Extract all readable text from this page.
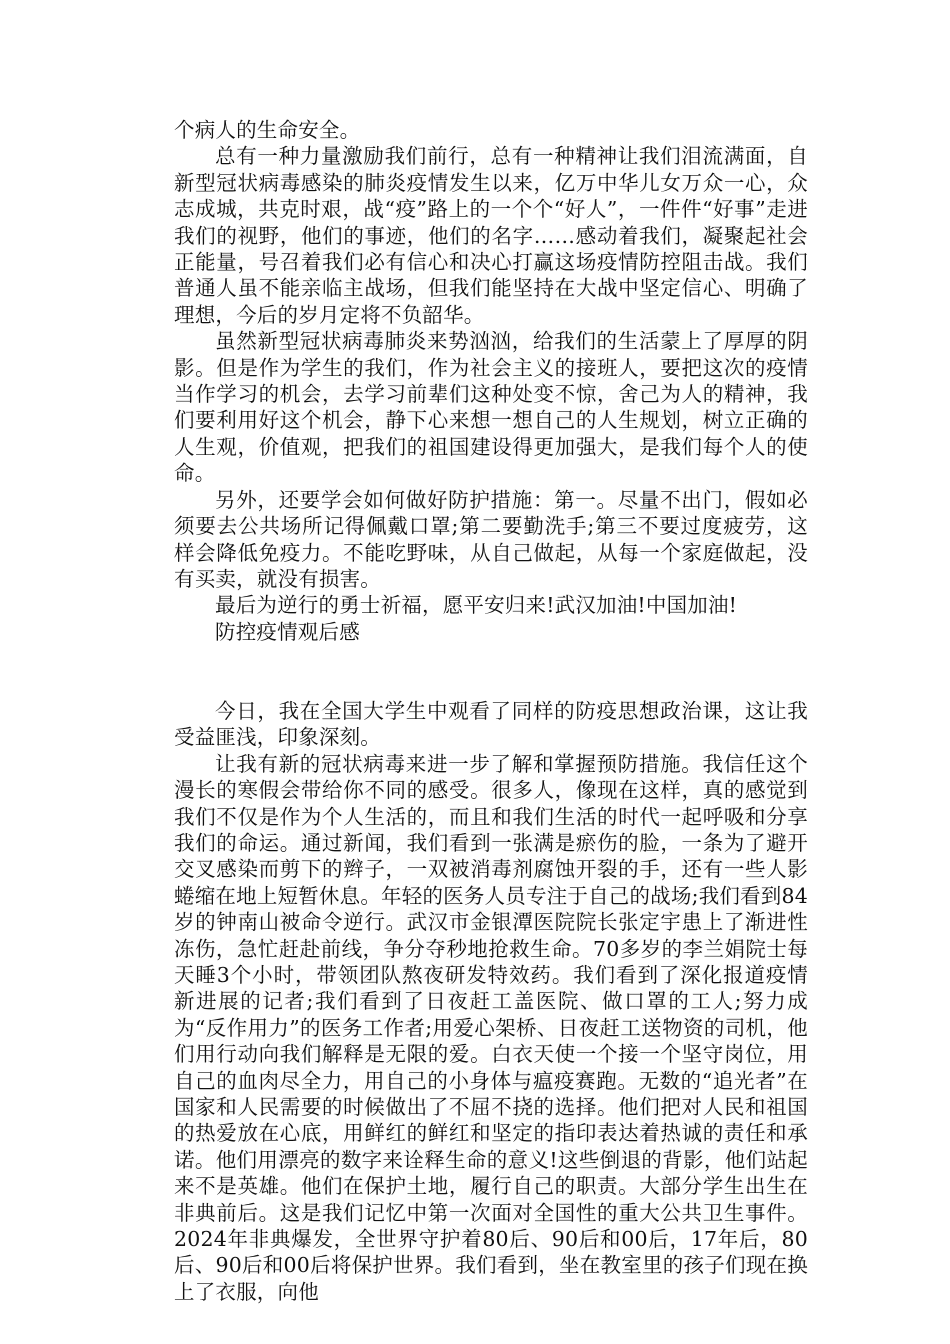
个病人的生命安全。

总有一种力量激励我们前行，总有一种精神让我们泪流满面，自新型冠状病毒感染的肺炎疫情发生以来，亿万中华儿女万众一心，众志成城，共克时艰，战“疫”路上的一个个“好人”，一件件“好事”走进我们的视野，他们的事迹，他们的名字……感动着我们，凝聚起社会正能量，号召着我们必有信心和决心打赢这场疫情防控阻击战。我们普通人虽不能亲临主战场，但我们能坚持在大战中坚定信心、明确了理想，今后的岁月定将不负韶华。

虽然新型冠状病毒肺炎来势汹汹，给我们的生活蒙上了厚厚的阴影。但是作为学生的我们，作为社会主义的接班人，要把这次的疫情当作学习的机会，去学习前辈们这种处变不惊，舍己为人的精神，我们要利用好这个机会，静下心来想一想自己的人生规划，树立正确的人生观，价值观，把我们的祖国建设得更加强大，是我们每个人的使命。

另外，还要学会如何做好防护措施：第一。尽量不出门，假如必须要去公共场所记得佩戴口罩;第二要勤洗手;第三不要过度疲劳，这样会降低免疫力。不能吃野味，从自己做起，从每一个家庭做起，没有买卖，就没有损害。

最后为逆行的勇士祈福，愿平安归来!武汉加油!中国加油!

防控疫情观后感

今日，我在全国大学生中观看了同样的防疫思想政治课，这让我受益匪浅，印象深刻。

让我有新的冠状病毒来进一步了解和掌握预防措施。我信任这个漫长的寒假会带给你不同的感受。很多人，像现在这样，真的感觉到我们不仅是作为个人生活的，而且和我们生活的时代一起呼吸和分享我们的命运。通过新闻，我们看到一张满是瘀伤的脸，一条为了避开交叉感染而剪下的辫子，一双被消毒剂腐蚀开裂的手，还有一些人影蜷缩在地上短暂休息。年轻的医务人员专注于自己的战场;我们看到84岁的钟南山被命令逆行。武汉市金银潭医院院长张定宇患上了渐进性冻伤，急忙赶赴前线，争分夺秒地抢救生命。70多岁的李兰娟院士每天睡3个小时，带领团队熬夜研发特效药。我们看到了深化报道疫情新进展的记者;我们看到了日夜赶工盖医院、做口罩的工人;努力成为“反作用力”的医务工作者;用爱心架桥、日夜赶工送物资的司机，他们用行动向我们解释是无限的爱。白衣天使一个接一个坚守岗位，用自己的血肉尽全力，用自己的小身体与瘟疫赛跑。无数的“追光者”在国家和人民需要的时候做出了不屈不挠的选择。他们把对人民和祖国的热爱放在心底，用鲜红的鲜红和坚定的指印表达着热诚的责任和承诺。他们用漂亮的数字来诠释生命的意义!这些倒退的背影，他们站起来不是英雄。他们在保护土地，履行自己的职责。大部分学生出生在非典前后。这是我们记忆中第一次面对全国性的重大公共卫生事件。2024年非典爆发，全世界守护着80后、90后和00后，17年后，80后、90后和00后将保护世界。我们看到，坐在教室里的孩子们现在换上了衣服，向他
